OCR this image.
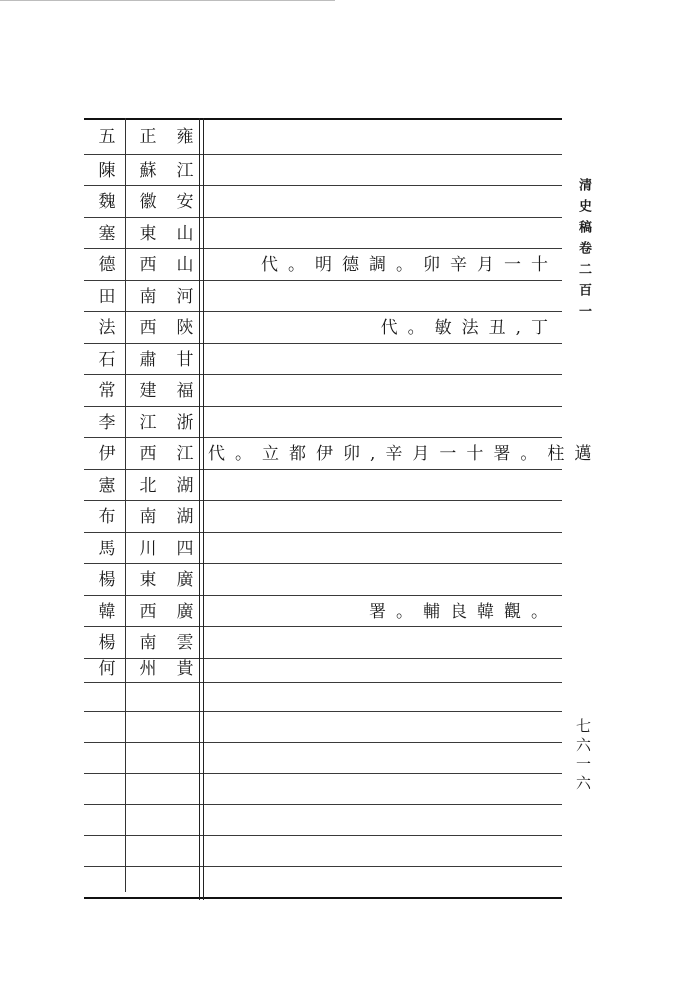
五	正	雍
陳	蘇	江
魏	徽	安
塞	東	山
德	西	山	代。明德調。卯辛月一十
田	南	河
法	西	陝	代。敏法丑,丁
石	肅	甘
常	建	福
李	江	浙
伊	西	江 代。立都伊卯,辛月一十署。柱邁
憲	北	湖
布	南	湖
馬	川	四
楊	東	廣
韓	西	廣	署。輔良韓觀。
楊	南	雲
何	州	貴
清史稿卷二百一
七六一六
